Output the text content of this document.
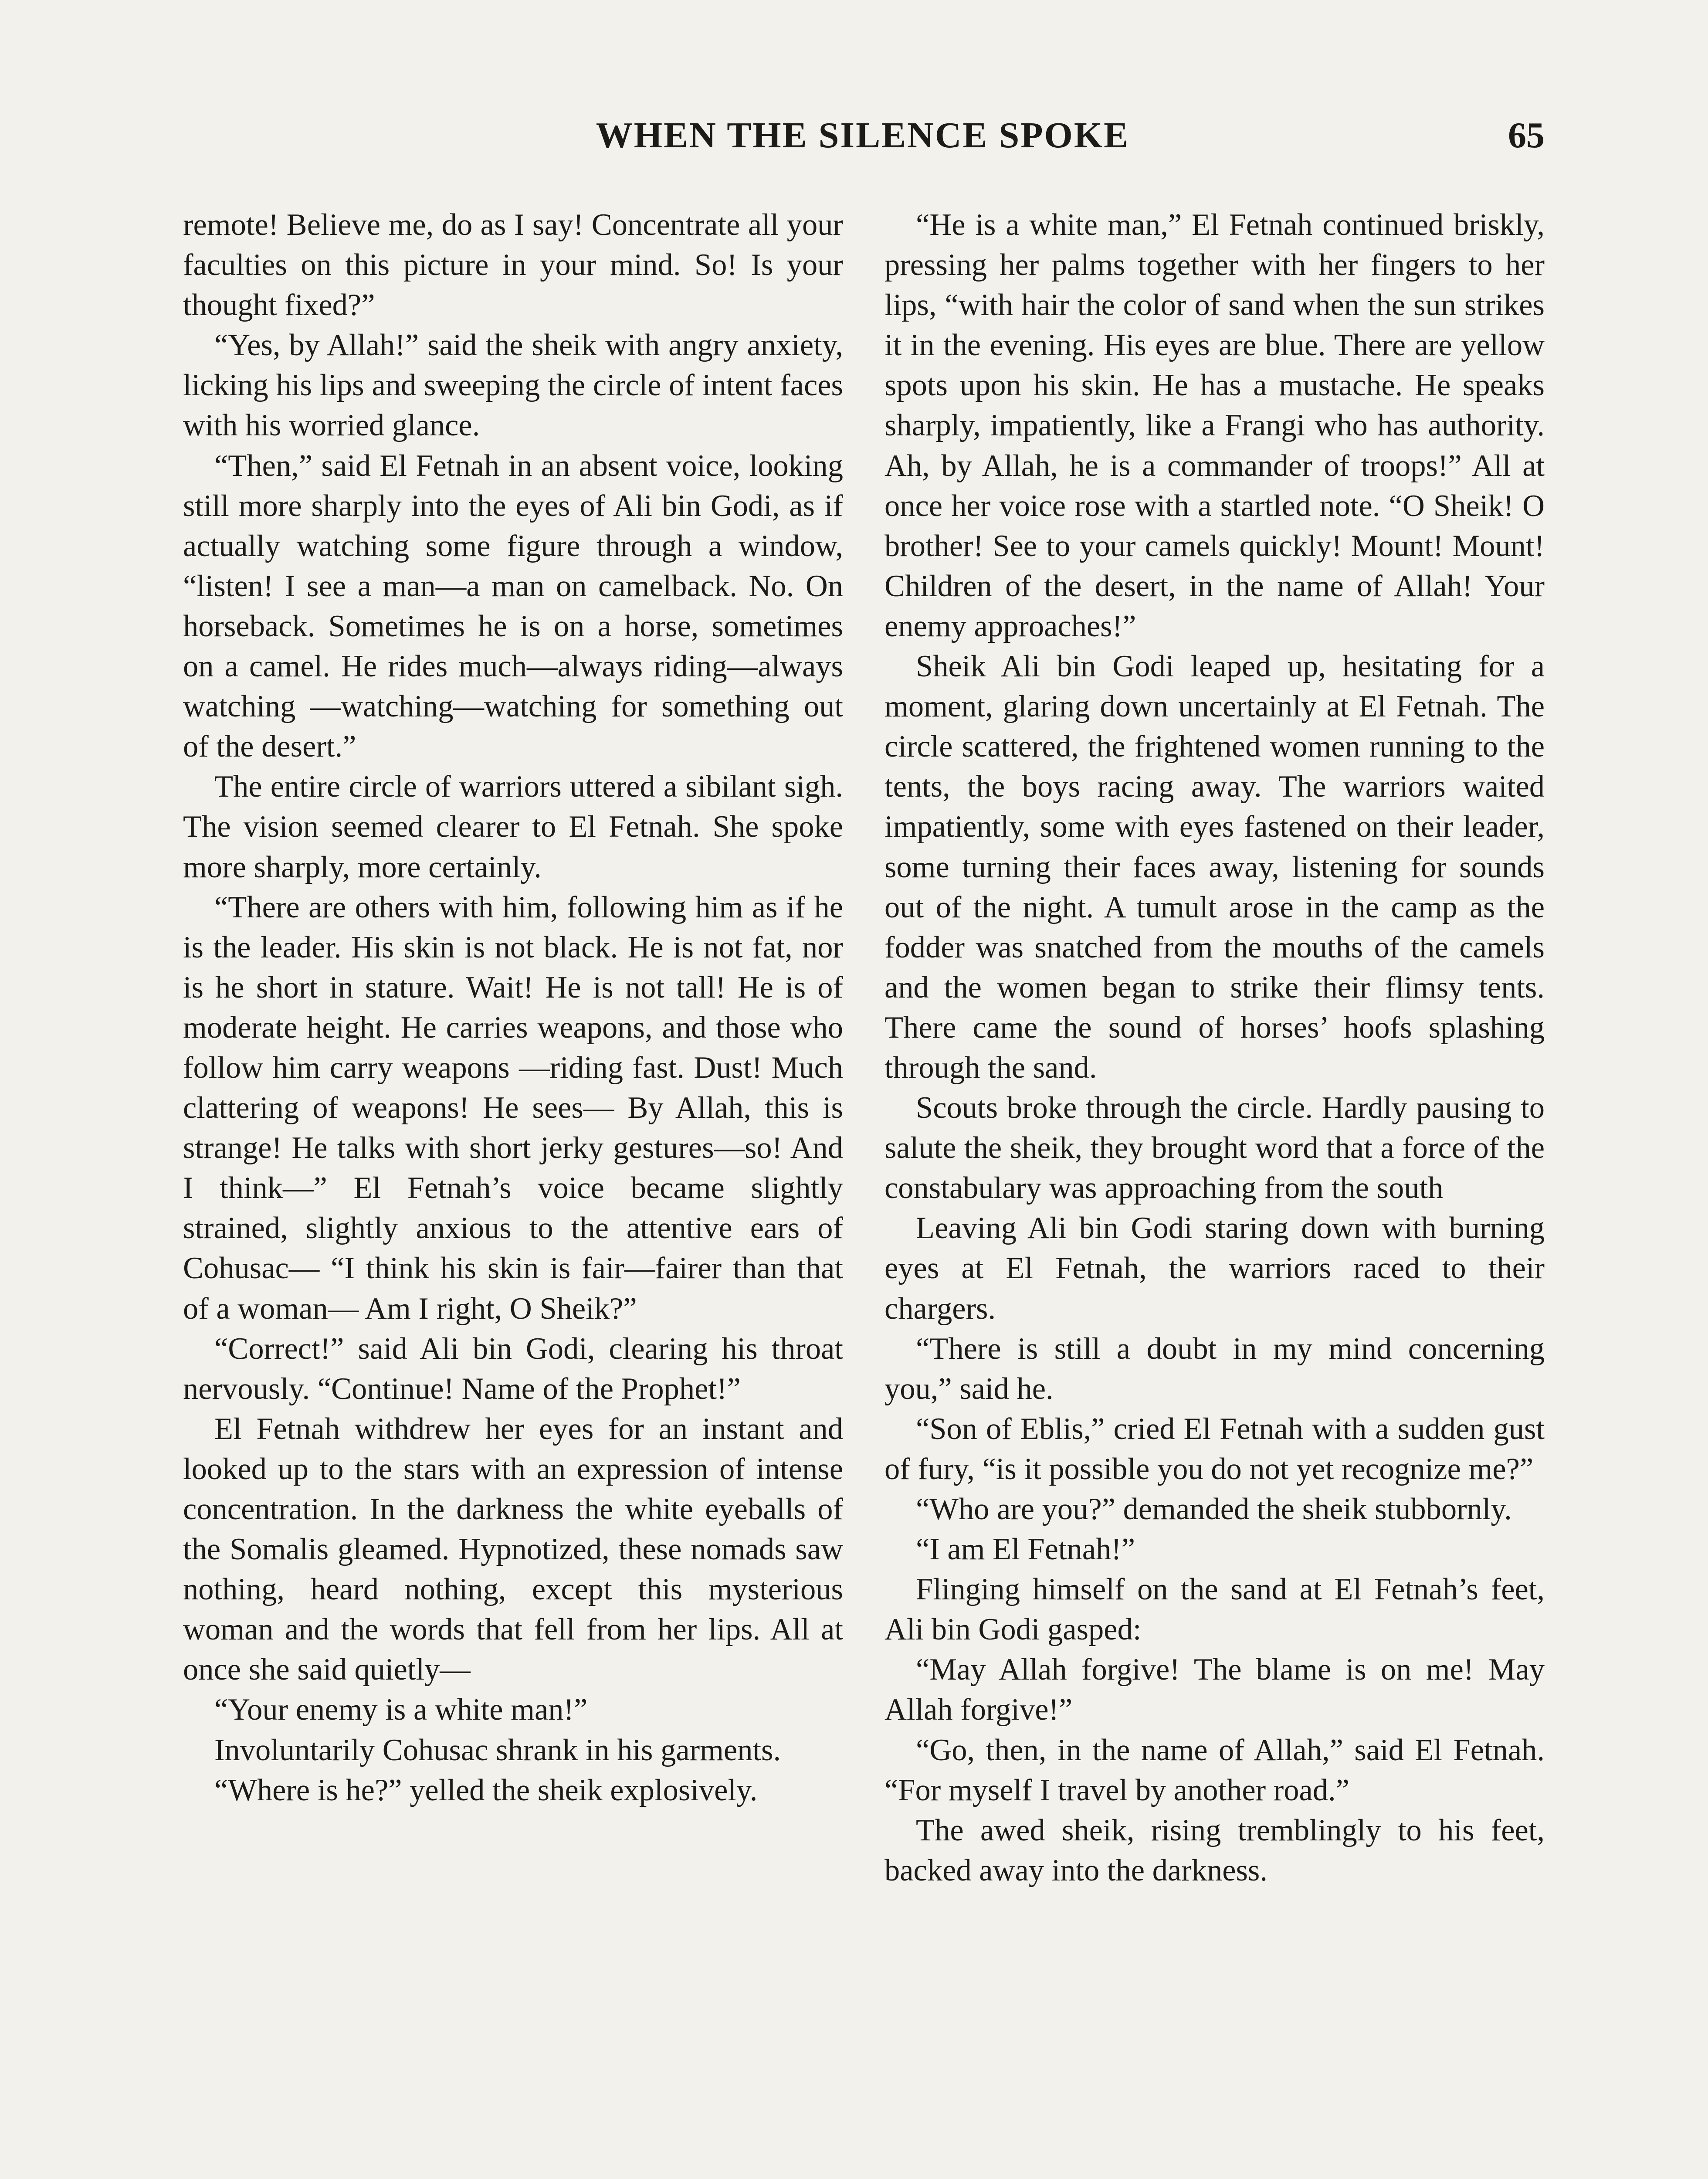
WHEN THE SILENCE SPOKE	65

remote! Believe me, do as I say! Concentrate all your faculties on this picture in your mind. So! Is your thought fixed?”

“Yes, by Allah!” said the sheik with angry anxiety, licking his lips and sweeping the circle of intent faces with his worried glance.

“Then,” said El Fetnah in an absent voice, looking still more sharply into the eyes of Ali bin Godi, as if actually watching some figure through a window, “listen! I see a man—a man on camelback. No. On horseback. Sometimes he is on a horse, sometimes on a camel. He rides much—always riding—always watching —watching—watching for something out of the desert.”

The entire circle of warriors uttered a sibilant sigh. The vision seemed clearer to El Fetnah. She spoke more sharply, more certainly.

“There are others with him, following him as if he is the leader. His skin is not black. He is not fat, nor is he short in stature. Wait! He is not tall! He is of moderate height. He carries weapons, and those who follow him carry weapons —riding fast. Dust! Much clattering of weapons! He sees— By Allah, this is strange! He talks with short jerky gestures—so! And I think—” El Fetnah’s voice became slightly strained, slightly anxious to the attentive ears of Cohusac— “I think his skin is fair—fairer than that of a woman— Am I right, O Sheik?”

“Correct!” said Ali bin Godi, clearing his throat nervously. “Continue! Name of the Prophet!”

El Fetnah withdrew her eyes for an instant and looked up to the stars with an expression of intense concentration. In the darkness the white eyeballs of the Somalis gleamed. Hypnotized, these nomads saw nothing, heard nothing, except this mysterious woman and the words that fell from her lips. All at once she said quietly—

“Your enemy is a white man!”

Involuntarily Cohusac shrank in his garments.

“Where is he?” yelled the sheik explosively.

“He is a white man,” El Fetnah continued briskly, pressing her palms together with her fingers to her lips, “with hair the color of sand when the sun strikes it in the evening. His eyes are blue. There are yellow spots upon his skin. He has a mustache. He speaks sharply, impatiently, like a Frangi who has authority. Ah, by Allah, he is a commander of troops!” All at once her voice rose with a startled note. “O Sheik! O brother! See to your camels quickly! Mount! Mount! Children of the desert, in the name of Allah! Your enemy approaches!”

Sheik Ali bin Godi leaped up, hesitating for a moment, glaring down uncertainly at El Fetnah. The circle scattered, the frightened women running to the tents, the boys racing away. The warriors waited impatiently, some with eyes fastened on their leader, some turning their faces away, listening for sounds out of the night. A tumult arose in the camp as the fodder was snatched from the mouths of the camels and the women began to strike their flimsy tents. There came the sound of horses’ hoofs splashing through the sand.

Scouts broke through the circle. Hardly pausing to salute the sheik, they brought word that a force of the constabulary was approaching from the south

Leaving Ali bin Godi staring down with burning eyes at El Fetnah, the warriors raced to their chargers.

“There is still a doubt in my mind concerning you,” said he.

“Son of Eblis,” cried El Fetnah with a sudden gust of fury, “is it possible you do not yet recognize me?”

“Who are you?” demanded the sheik stubbornly.

“I am El Fetnah!”

Flinging himself on the sand at El Fetnah’s feet, Ali bin Godi gasped:

“May Allah forgive! The blame is on me! May Allah forgive!”

“Go, then, in the name of Allah,” said El Fetnah. “For myself I travel by another road.”

The awed sheik, rising tremblingly to his feet, backed away into the darkness.
